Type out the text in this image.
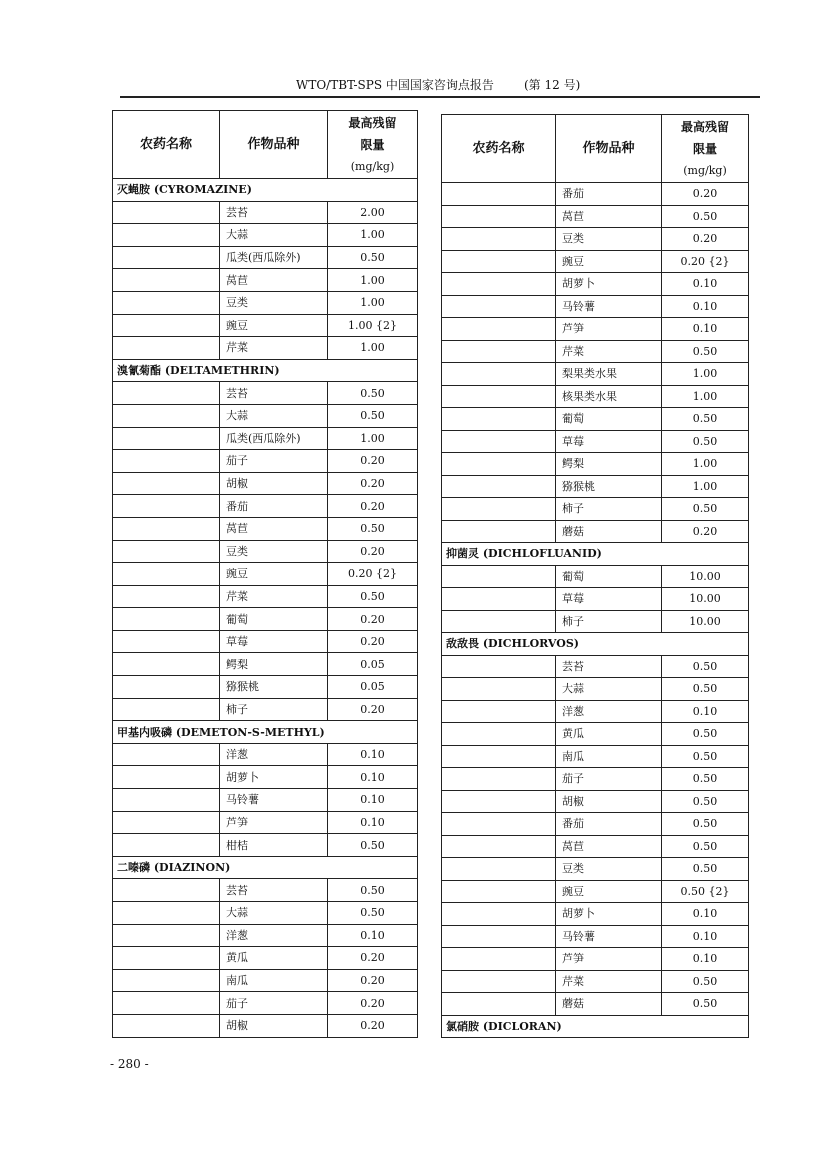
WTO/TBT-SPS 中国国家咨询点报告	(第 12 号)
农药名称	作物品种	最高残留
限量
(mg/kg)

灭蝇胺 (CYROMAZINE)		
	芸苔	2.00
	大蒜	1.00
	瓜类(西瓜除外)	0.50
	莴苣	1.00
	豆类	1.00
	豌豆	1.00 {2}
	芹菜	1.00
溴氰菊酯 (DELTAMETHRIN)		
	芸苔	0.50
	大蒜	0.50
	瓜类(西瓜除外)	1.00
	茄子	0.20
	胡椒	0.20
	番茄	0.20
	莴苣	0.50
	豆类	0.20
	豌豆	0.20 {2}
	芹菜	0.50
	葡萄	0.20
	草莓	0.20
	鳄梨	0.05
	猕猴桃	0.05
	柿子	0.20
甲基内吸磷 (DEMETON-S-METHYL)		
	洋葱	0.10
	胡萝卜	0.10
	马铃薯	0.10
	芦笋	0.10
	柑桔	0.50
二嗪磷 (DIAZINON)		
	芸苔	0.50
	大蒜	0.50
	洋葱	0.10
	黄瓜	0.20
	南瓜	0.20
	茄子	0.20
	胡椒	0.20
农药名称	作物品种	最高残留
限量
(mg/kg)

	番茄	0.20
	莴苣	0.50
	豆类	0.20
	豌豆	0.20 {2}
	胡萝卜	0.10
	马铃薯	0.10
	芦笋	0.10
	芹菜	0.50
	梨果类水果	1.00
	核果类水果	1.00
	葡萄	0.50
	草莓	0.50
	鳄梨	1.00
	猕猴桃	1.00
	柿子	0.50
	蘑菇	0.20
抑菌灵 (DICHLOFLUANID)		
	葡萄	10.00
	草莓	10.00
	柿子	10.00
敌敌畏 (DICHLORVOS)		
	芸苔	0.50
	大蒜	0.50
	洋葱	0.10
	黄瓜	0.50
	南瓜	0.50
	茄子	0.50
	胡椒	0.50
	番茄	0.50
	莴苣	0.50
	豆类	0.50
	豌豆	0.50 {2}
	胡萝卜	0.10
	马铃薯	0.10
	芦笋	0.10
	芹菜	0.50
	蘑菇	0.50
氯硝胺 (DICLORAN)		
- 280 -
